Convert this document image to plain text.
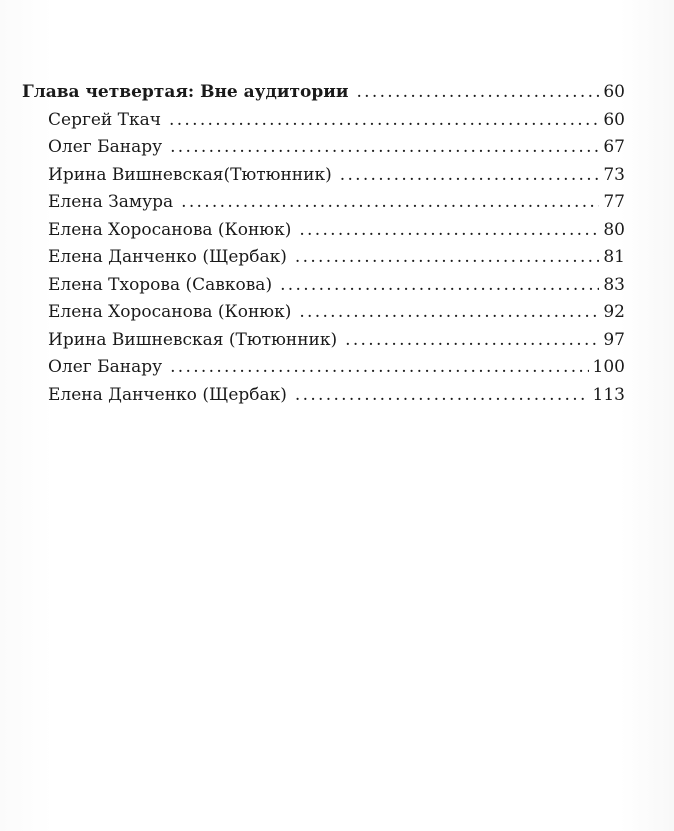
Глава четвертая: Вне аудитории .....	60
Сергей Ткач .....	60
Олег Банару .....	67
Ирина Вишневская(Тютюнник) .....	73
Елена Замура .....	77
Елена Хоросанова (Конюк) .....	80
Елена Данченко (Щербак) .....	81
Елена Тхорова (Савкова) .....	83
Елена Хоросанова (Конюк) .....	92
Ирина Вишневская (Тютюнник) .....	97
Олег Банару .....	100
Елена Данченко (Щербак) .....	113
